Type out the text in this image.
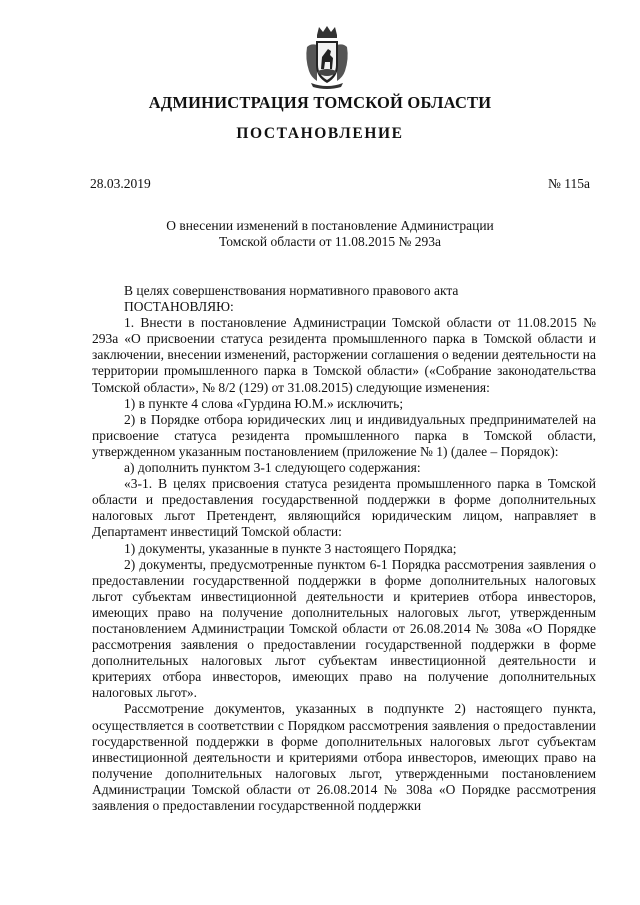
АДМИНИСТРАЦИЯ ТОМСКОЙ ОБЛАСТИ
ПОСТАНОВЛЕНИЕ
28.03.2019	№ 115а
О внесении изменений в постановление Администрации
Томской области от 11.08.2015 № 293а

В целях совершенствования нормативного правового акта

ПОСТАНОВЛЯЮ:

1. Внести в постановление Администрации Томской области от 11.08.2015 № 293а «О присвоении статуса резидента промышленного парка в Томской области и заключении, внесении изменений, расторжении соглашения о ведении деятельности на территории промышленного парка в Томской области» («Собрание законодательства Томской области», № 8/2 (129) от 31.08.2015) следующие изменения:

1) в пункте 4 слова «Гурдина Ю.М.» исключить;

2) в Порядке отбора юридических лиц и индивидуальных предпринимателей на присвоение статуса резидента промышленного парка в Томской области, утвержденном указанным постановлением (приложение № 1) (далее – Порядок):

а) дополнить пунктом 3-1 следующего содержания:

«3-1. В целях присвоения статуса резидента промышленного парка в Томской области и предоставления государственной поддержки в форме дополнительных налоговых льгот Претендент, являющийся юридическим лицом, направляет в Департамент инвестиций Томской области:

1) документы, указанные в пункте 3 настоящего Порядка;

2) документы, предусмотренные пунктом 6-1 Порядка рассмотрения заявления о предоставлении государственной поддержки в форме дополнительных налоговых льгот субъектам инвестиционной деятельности и критериев отбора инвесторов, имеющих право на получение дополнительных налоговых льгот, утвержденным постановлением Администрации Томской области от 26.08.2014 № 308а «О Порядке рассмотрения заявления о предоставлении государственной поддержки в форме дополнительных налоговых льгот субъектам инвестиционной деятельности и критериях отбора инвесторов, имеющих право на получение дополнительных налоговых льгот».

Рассмотрение документов, указанных в подпункте 2) настоящего пункта, осуществляется в соответствии с Порядком рассмотрения заявления о предоставлении государственной поддержки в форме дополнительных налоговых льгот субъектам инвестиционной деятельности и критериями отбора инвесторов, имеющих право на получение дополнительных налоговых льгот, утвержденными постановлением Администрации Томской области от 26.08.2014 № 308а «О Порядке рассмотрения заявления о предоставлении государственной поддержки
